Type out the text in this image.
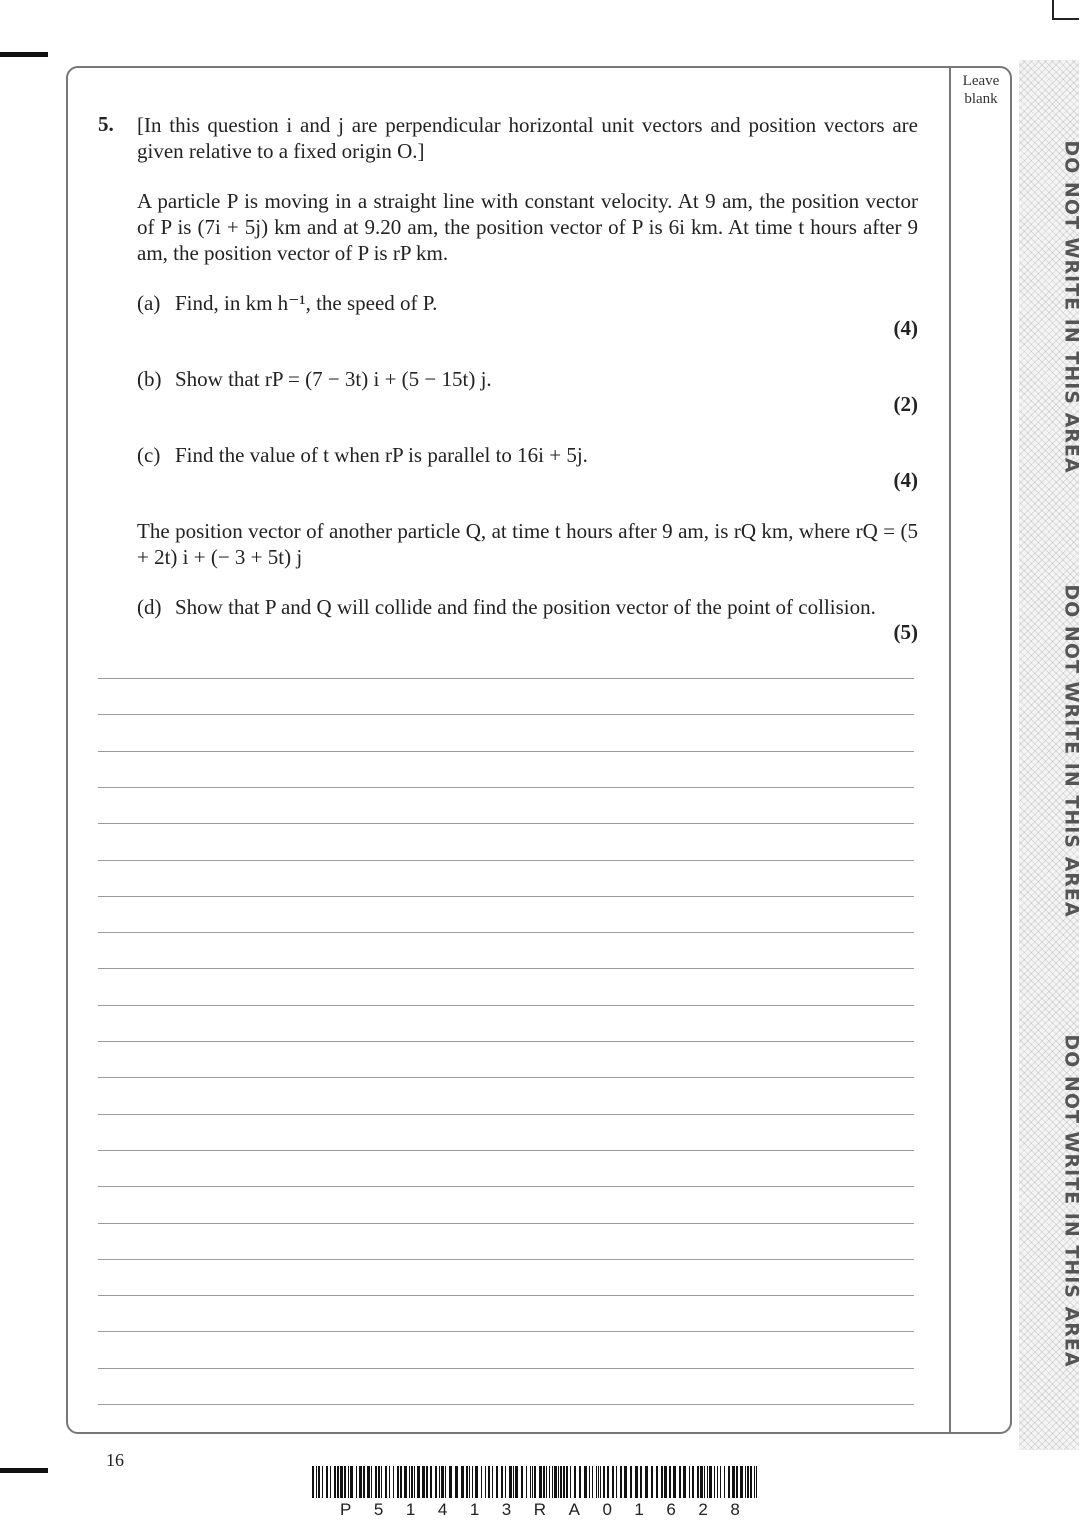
Leave blank
DO NOT WRITE IN THIS AREA
DO NOT WRITE IN THIS AREA
DO NOT WRITE IN THIS AREA
5. [In this question i and j are perpendicular horizontal unit vectors and position vectors are given relative to a fixed origin O.]
A particle P is moving in a straight line with constant velocity. At 9 am, the position vector of P is (7i + 5j) km and at 9.20 am, the position vector of P is 6i km. At time t hours after 9 am, the position vector of P is rP km.
(a) Find, in km h⁻¹, the speed of P.
(4)
(b) Show that rP = (7 − 3t) i + (5 − 15t) j.
(2)
(c) Find the value of t when rP is parallel to 16i + 5j.
(4)
The position vector of another particle Q, at time t hours after 9 am, is rQ km, where rQ = (5 + 2t) i + (− 3 + 5t) j
(d) Show that P and Q will collide and find the position vector of the point of collision.
(5)
16
P 5 1 4 1 3 R A 0 1 6 2 8
